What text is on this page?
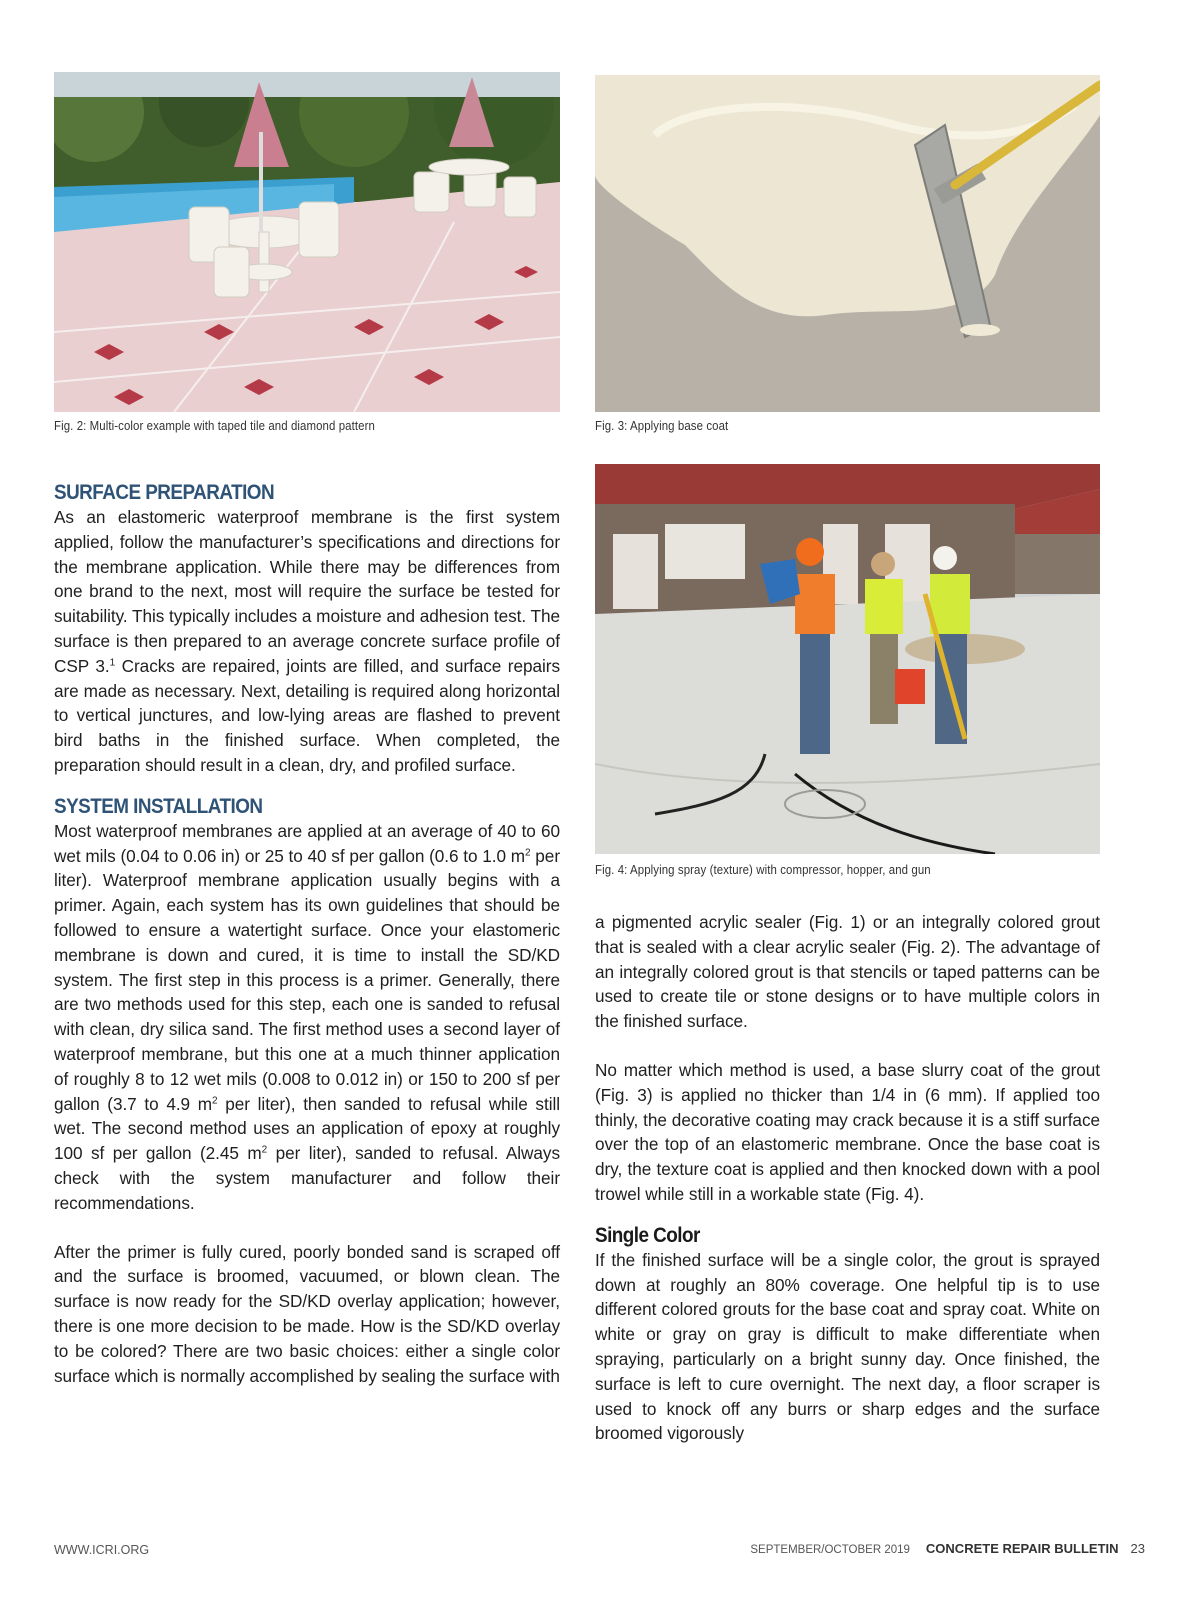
Fig. 2: Multi-color example with taped tile and diamond pattern	Fig. 3: Applying base coat
Fig. 4: Applying spray (texture) with compressor, hopper, and gun
SURFACE PREPARATION

As an elastomeric waterproof membrane is the first system applied, follow the manufacturer’s specifications and directions for the membrane application. While there may be differences from one brand to the next, most will require the surface be tested for suitability. This typically includes a moisture and adhesion test. The surface is then prepared to an average concrete surface profile of CSP 3.$^1$ Cracks are repaired, joints are filled, and surface repairs are made as necessary. Next, detailing is required along horizontal to vertical junctures, and low-lying areas are flashed to prevent bird baths in the finished surface. When completed, the preparation should result in a clean, dry, and profiled surface.

SYSTEM INSTALLATION

Most waterproof membranes are applied at an average of 40 to 60 wet mils (0.04 to 0.06 in) or 25 to 40 sf per gallon (0.6 to 1.0 $m^2$ per liter). Waterproof membrane application usually begins with a primer. Again, each system has its own guidelines that should be followed to ensure a watertight surface. Once your elastomeric membrane is down and cured, it is time to install the SD/KD system. The first step in this process is a primer. Generally, there are two methods used for this step, each one is sanded to refusal with clean, dry silica sand. The first method uses a second layer of waterproof membrane, but this one at a much thinner application of roughly 8 to 12 wet mils (0.008 to 0.012 in) or 150 to 200 sf per gallon (3.7 to 4.9 $m^2$ per liter), then sanded to refusal while still wet. The second method uses an application of epoxy at roughly 100 sf per gallon (2.45 $m^2$ per liter), sanded to refusal. Always check with the system manufacturer and follow their recommendations.

After the primer is fully cured, poorly bonded sand is scraped off and the surface is broomed, vacuumed, or blown clean. The surface is now ready for the SD/KD overlay application; however, there is one more decision to be made. How is the SD/KD overlay to be colored? There are two basic choices: either a single color surface which is normally accomplished by sealing the surface with

a pigmented acrylic sealer (Fig. 1) or an integrally colored grout that is sealed with a clear acrylic sealer (Fig. 2). The advantage of an integrally colored grout is that stencils or taped patterns can be used to create tile or stone designs or to have multiple colors in the finished surface.

No matter which method is used, a base slurry coat of the grout (Fig. 3) is applied no thicker than 1/4 in (6 mm). If applied too thinly, the decorative coating may crack because it is a stiff surface over the top of an elastomeric membrane. Once the base coat is dry, the texture coat is applied and then knocked down with a pool trowel while still in a workable state (Fig. 4).

Single Color

If the finished surface will be a single color, the grout is sprayed down at roughly an 80% coverage. One helpful tip is to use different colored grouts for the base coat and spray coat. White on white or gray on gray is difficult to make differentiate when spraying, particularly on a bright sunny day. Once finished, the surface is left to cure overnight. The next day, a floor scraper is used to knock off any burrs or sharp edges and the surface broomed vigorously

WWW.ICRI.ORG	SEPTEMBER/OCTOBER 2019 CONCRETE REPAIR BULLETIN 23
